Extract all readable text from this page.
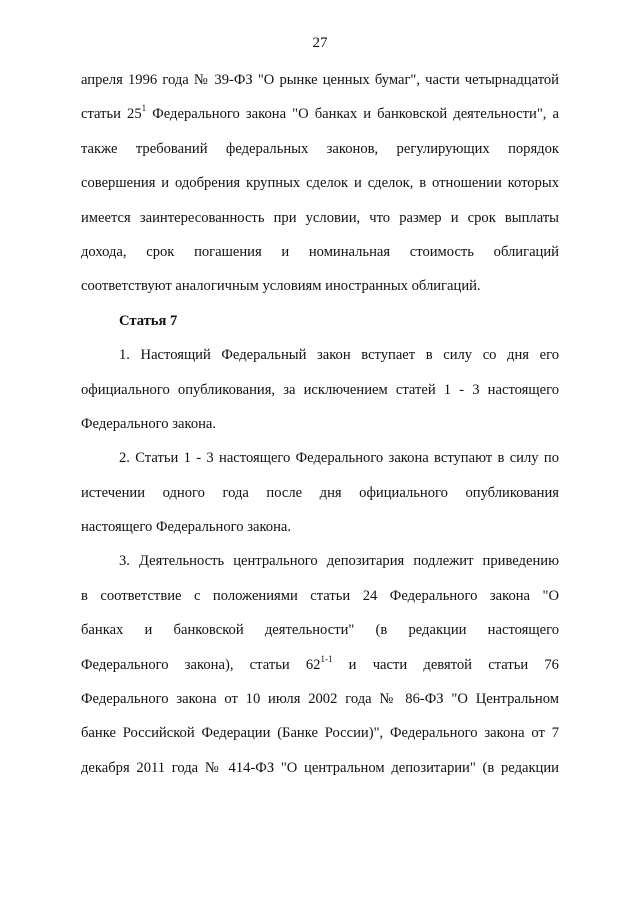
27
апреля 1996 года № 39-ФЗ "О рынке ценных бумаг", части четырнадцатой
статьи $25^1$ Федерального закона "О банках и банковской деятельности", а
также требований федеральных законов, регулирующих порядок
совершения и одобрения крупных сделок и сделок, в отношении которых
имеется заинтересованность при условии, что размер и срок выплаты
дохода, срок погашения и номинальная стоимость облигаций
соответствуют аналогичным условиям иностранных облигаций.
Статья 7
1. Настоящий Федеральный закон вступает в силу со дня его
официального опубликования, за исключением статей 1 - 3 настоящего
Федерального закона.
2. Статьи 1 - 3 настоящего Федерального закона вступают в силу по
истечении одного года после дня официального опубликования
настоящего Федерального закона.
3. Деятельность центрального депозитария подлежит приведению
в соответствие с положениями статьи 24 Федерального закона "О
банках и банковской деятельности" (в редакции настоящего
Федерального закона), статьи 62$^{1-1}$ и части девятой статьи 76
Федерального закона от 10 июля 2002 года № 86-ФЗ "О Центральном
банке Российской Федерации (Банке России)", Федерального закона от 7
декабря 2011 года № 414-ФЗ "О центральном депозитарии" (в редакции
